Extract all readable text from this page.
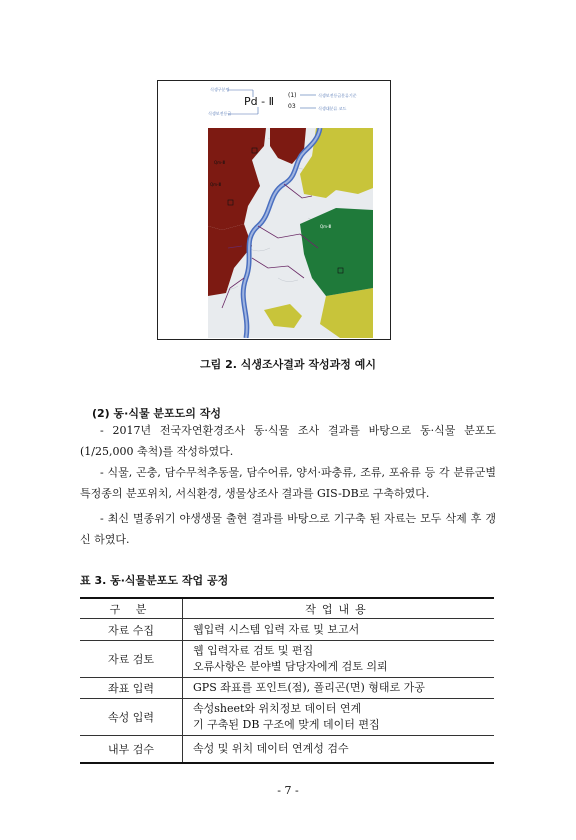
식생구분명
식생보전등급
Pd - Ⅱ (1)
03
식생보전등급분류기준
식생대분류 코드
Qm-Ⅲ
Qm-Ⅲ
Qm-Ⅲ
그림 2. 식생조사결과 작성과정 예시
(2) 동·식물 분포도의 작성
- 2017년 전국자연환경조사 동·식물 조사 결과를 바탕으로 동·식물 분포도 (1/25,000 축척)를 작성하였다.
- 식물, 곤충, 담수무척추동물, 담수어류, 양서·파충류, 조류, 포유류 등 각 분류군별 특정종의 분포위치, 서식환경, 생물상조사 결과를 GIS-DB로 구축하였다.
- 최신 멸종위기 야생생물 출현 결과를 바탕으로 기구축 된 자료는 모두 삭제 후 갱신 하였다.
표 3. 동·식물분포도 작업 공정
구 분	작업내용
자료 수집	웹입력 시스템 입력 자료 및 보고서

자료 검토	웹 입력자료 검토 및 편집
오류사항은 분야별 담당자에게 검토 의뢰

좌표 입력	GPS 좌표를 포인트(점), 폴리곤(면) 형태로 가공

속성 입력	속성sheet와 위치정보 데이터 연계
기 구축된 DB 구조에 맞게 데이터 편집

내부 검수	속성 및 위치 데이터 연계성 검수
- 7 -
